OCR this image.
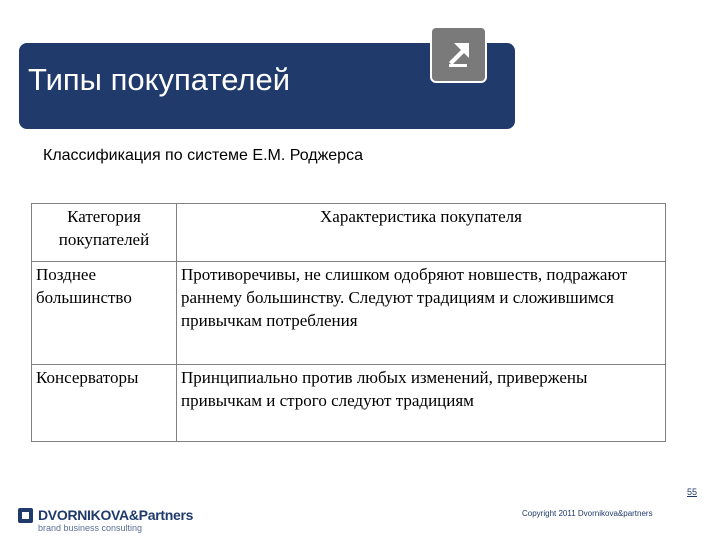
Типы покупателей
Классификация по системе Е.М. Роджерса
Категория покупателей	Характеристика покупателя
Позднее большинство	Противоречивы, не слишком одобряют новшеств, подражают раннему большинству. Следуют традициям и сложившимся привычкам потребления
Консерваторы	Принципиально против любых изменений, привержены привычкам и строго следуют традициям
DVORNIKOVA&Partners
brand business consulting
Copyright 2011 Dvornikova&partners
55
